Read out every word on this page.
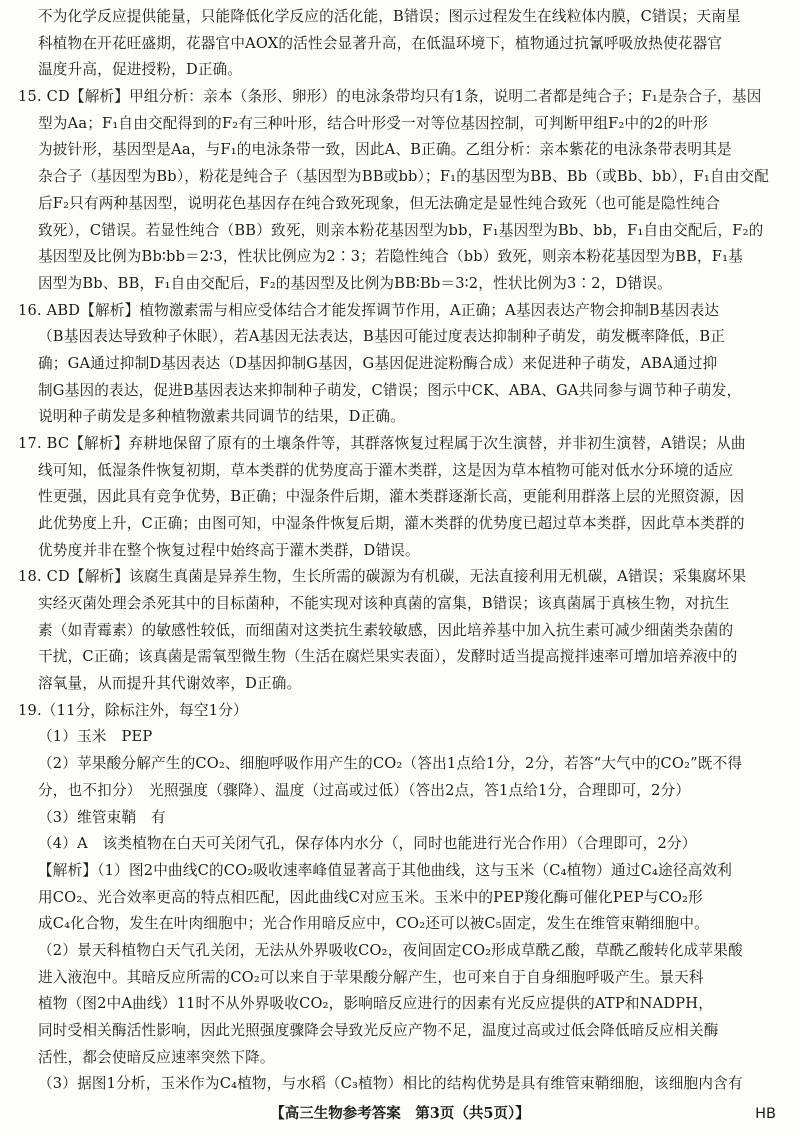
不为化学反应提供能量，只能降低化学反应的活化能，B错误；图示过程发生在线粒体内膜，C错误；天南星
科植物在开花旺盛期，花器官中AOX的活性会显著升高，在低温环境下，植物通过抗氰呼吸放热使花器官
温度升高，促进授粉，D正确。
15. CD【解析】甲组分析：亲本（条形、卵形）的电泳条带均只有1条，说明二者都是纯合子；F₁是杂合子，基因
型为Aa；F₁自由交配得到的F₂有三种叶形，结合叶形受一对等位基因控制，可判断甲组F₂中的2的叶形
为披针形，基因型是Aa，与F₁的电泳条带一致，因此A、B正确。乙组分析：亲本紫花的电泳条带表明其是
杂合子（基因型为Bb），粉花是纯合子（基因型为BB或bb）；F₁的基因型为BB、Bb（或Bb、bb），F₁自由交配
后F₂只有两种基因型，说明花色基因存在纯合致死现象，但无法确定是显性纯合致死（也可能是隐性纯合
致死），C错误。若显性纯合（BB）致死，则亲本粉花基因型为bb，F₁基因型为Bb、bb，F₁自由交配后，F₂的
基因型及比例为Bb∶bb＝2∶3，性状比例应为2∶3；若隐性纯合（bb）致死，则亲本粉花基因型为BB，F₁基
因型为Bb、BB，F₁自由交配后，F₂的基因型及比例为BB∶Bb＝3∶2，性状比例为3∶2，D错误。
16. ABD【解析】植物激素需与相应受体结合才能发挥调节作用，A正确；A基因表达产物会抑制B基因表达
（B基因表达导致种子休眠），若A基因无法表达，B基因可能过度表达抑制种子萌发，萌发概率降低，B正
确；GA通过抑制D基因表达（D基因抑制G基因，G基因促进淀粉酶合成）来促进种子萌发，ABA通过抑
制G基因的表达，促进B基因表达来抑制种子萌发，C错误；图示中CK、ABA、GA共同参与调节种子萌发，
说明种子萌发是多种植物激素共同调节的结果，D正确。
17. BC【解析】弃耕地保留了原有的土壤条件等，其群落恢复过程属于次生演替，并非初生演替，A错误；从曲
线可知，低湿条件恢复初期，草本类群的优势度高于灌木类群，这是因为草本植物可能对低水分环境的适应
性更强，因此具有竞争优势，B正确；中湿条件后期，灌木类群逐渐长高，更能利用群落上层的光照资源，因
此优势度上升，C正确；由图可知，中湿条件恢复后期，灌木类群的优势度已超过草本类群，因此草本类群的
优势度并非在整个恢复过程中始终高于灌木类群，D错误。
18. CD【解析】该腐生真菌是异养生物，生长所需的碳源为有机碳，无法直接利用无机碳，A错误；采集腐坏果
实经灭菌处理会杀死其中的目标菌种，不能实现对该种真菌的富集，B错误；该真菌属于真核生物，对抗生
素（如青霉素）的敏感性较低，而细菌对这类抗生素较敏感，因此培养基中加入抗生素可减少细菌类杂菌的
干扰，C正确；该真菌是需氧型微生物（生活在腐烂果实表面），发酵时适当提高搅拌速率可增加培养液中的
溶氧量，从而提升其代谢效率，D正确。
19.（11分，除标注外，每空1分）
（1）玉米　PEP
（2）苹果酸分解产生的CO₂、细胞呼吸作用产生的CO₂（答出1点给1分，2分，若答“大气中的CO₂”既不得
分，也不扣分）　光照强度（骤降）、温度（过高或过低）（答出2点，答1点给1分，合理即可，2分）
（3）维管束鞘　有
（4）A　该类植物在白天可关闭气孔，保存体内水分（，同时也能进行光合作用）（合理即可，2分）
【解析】（1）图2中曲线C的CO₂吸收速率峰值显著高于其他曲线，这与玉米（C₄植物）通过C₄途径高效利
用CO₂、光合效率更高的特点相匹配，因此曲线C对应玉米。玉米中的PEP羧化酶可催化PEP与CO₂形
成C₄化合物，发生在叶肉细胞中；光合作用暗反应中，CO₂还可以被C₅固定，发生在维管束鞘细胞中。
（2）景天科植物白天气孔关闭，无法从外界吸收CO₂，夜间固定CO₂形成草酰乙酸，草酰乙酸转化成苹果酸
进入液泡中。其暗反应所需的CO₂可以来自于苹果酸分解产生，也可来自于自身细胞呼吸产生。景天科
植物（图2中A曲线）11时不从外界吸收CO₂，影响暗反应进行的因素有光反应提供的ATP和NADPH，
同时受相关酶活性影响，因此光照强度骤降会导致光反应产物不足，温度过高或过低会降低暗反应相关酶
活性，都会使暗反应速率突然下降。
（3）据图1分析，玉米作为C₄植物，与水稻（C₃植物）相比的结构优势是具有维管束鞘细胞，该细胞内含有
【高三生物参考答案　第3页（共5页）】	HB
